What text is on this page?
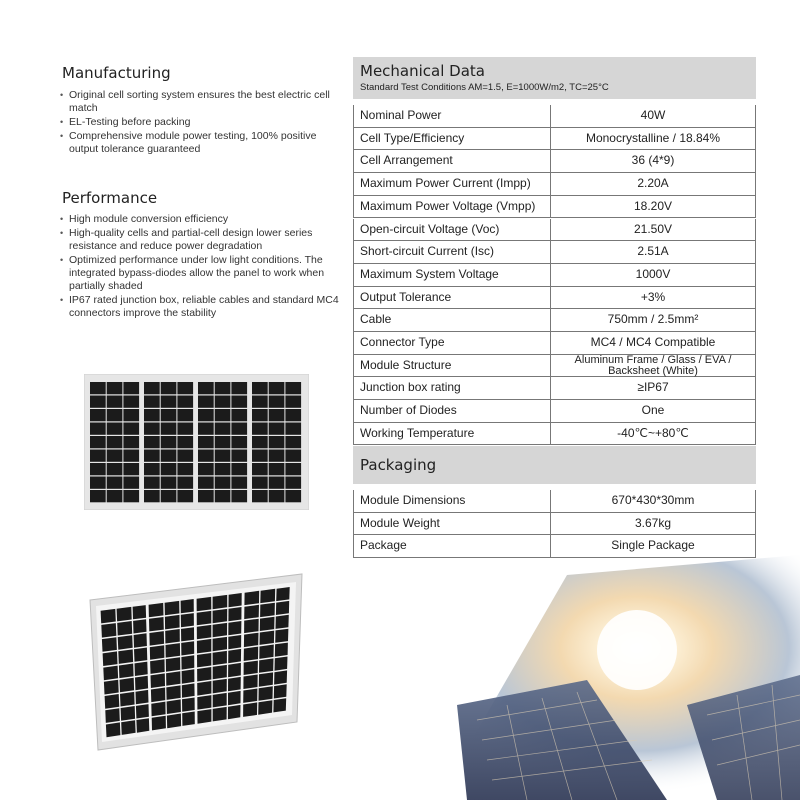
Manufacturing
• Original cell sorting system ensures the best electric cell match
• EL-Testing before packing
• Comprehensive module power testing, 100% positive output tolerance guaranteed
Performance
• High module conversion efficiency
• High-quality cells and partial-cell design lower series resistance and reduce power degradation
• Optimized performance under low light conditions. The integrated bypass-diodes allow the panel to work when partially shaded
• IP67 rated junction box, reliable cables and standard MC4 connectors improve the stability
Mechanical Data
Standard Test Conditions AM=1.5, E=1000W/m2, TC=25°C
Nominal Power	40W
Cell Type/Efficiency	Monocrystalline / 18.84%
Cell Arrangement	36 (4*9)
Maximum Power Current (Impp)	2.20A
Maximum Power Voltage (Vmpp)	18.20V
Open-circuit Voltage (Voc)	21.50V
Short-circuit Current (Isc)	2.51A
Maximum System Voltage	1000V
Output Tolerance	+3%
Cable	750mm / 2.5mm²
Connector Type	MC4 / MC4 Compatible
Module Structure	Aluminum Frame / Glass / EVA / Backsheet (White)
Junction box rating	≥IP67
Number of Diodes	One
Working Temperature	-40℃~+80℃
Packaging
Module Dimensions	670*430*30mm
Module Weight	3.67kg
Package	Single Package
